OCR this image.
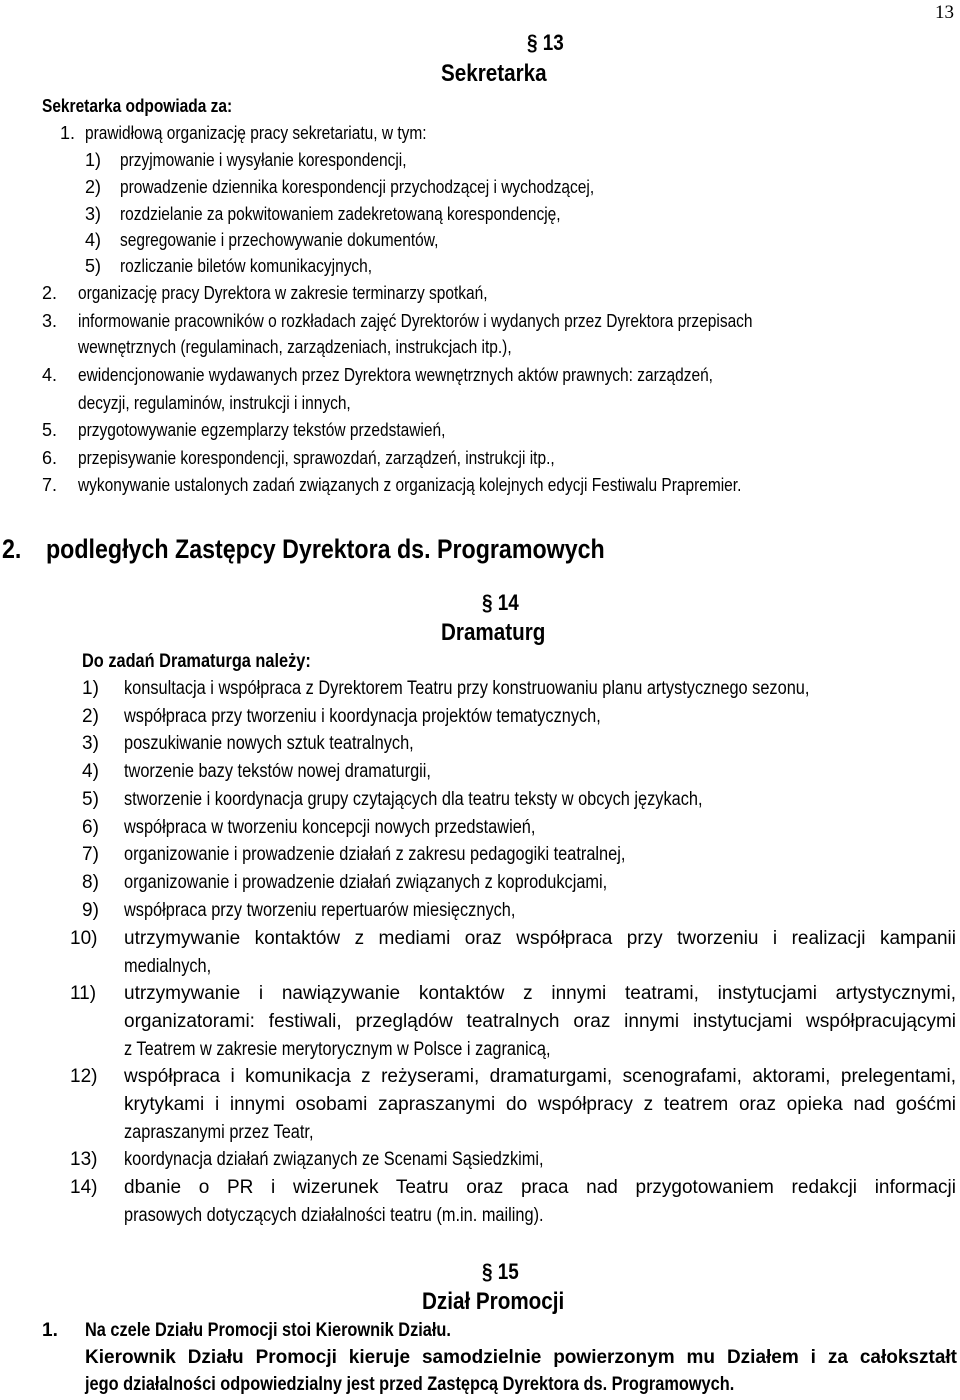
13
§ 13
Sekretarka
Sekretarka odpowiada za:
1. prawidłową organizację pracy sekretariatu, w tym:
1) przyjmowanie i wysyłanie korespondencji,
2) prowadzenie dziennika korespondencji przychodzącej i wychodzącej,
3) rozdzielanie za pokwitowaniem zadekretowaną korespondencję,
4) segregowanie i przechowywanie dokumentów,
5) rozliczanie biletów komunikacyjnych,
2. organizację pracy Dyrektora w zakresie terminarzy spotkań,
3. informowanie pracowników o rozkładach zajęć Dyrektorów i wydanych przez Dyrektora przepisach
wewnętrznych (regulaminach, zarządzeniach, instrukcjach itp.),
4. ewidencjonowanie wydawanych przez Dyrektora wewnętrznych aktów prawnych: zarządzeń,
decyzji, regulaminów, instrukcji i innych,
5. przygotowywanie egzemplarzy tekstów przedstawień,
6. przepisywanie korespondencji, sprawozdań, zarządzeń, instrukcji itp.,
7. wykonywanie ustalonych zadań związanych z organizacją kolejnych edycji Festiwalu Prapremier.
2. podległych Zastępcy Dyrektora ds. Programowych
§ 14
Dramaturg
Do zadań Dramaturga należy:
1) konsultacja i współpraca z Dyrektorem Teatru przy konstruowaniu planu artystycznego sezonu,
2) współpraca przy tworzeniu i koordynacja projektów tematycznych,
3) poszukiwanie nowych sztuk teatralnych,
4) tworzenie bazy tekstów nowej dramaturgii,
5) stworzenie i koordynacja grupy czytających dla teatru teksty w obcych językach,
6) współpraca w tworzeniu koncepcji nowych przedstawień,
7) organizowanie i prowadzenie działań z zakresu pedagogiki teatralnej,
8) organizowanie i prowadzenie działań związanych z koprodukcjami,
9) współpraca przy tworzeniu repertuarów miesięcznych,
10) utrzymywanie kontaktów z mediami oraz współpraca przy tworzeniu i realizacji kampanii
medialnych,
11) utrzymywanie i nawiązywanie kontaktów z innymi teatrami, instytucjami artystycznymi,
organizatorami: festiwali, przeglądów teatralnych oraz innymi instytucjami współpracującymi
z Teatrem w zakresie merytorycznym w Polsce i zagranicą,
12) współpraca i komunikacja z reżyserami, dramaturgami, scenografami, aktorami, prelegentami,
krytykami i innymi osobami zapraszanymi do współpracy z teatrem oraz opieka nad gośćmi
zapraszanymi przez Teatr,
13) koordynacja działań związanych ze Scenami Sąsiedzkimi,
14) dbanie o PR i wizerunek Teatru oraz praca nad przygotowaniem redakcji informacji
prasowych dotyczących działalności teatru (m.in. mailing).
§ 15
Dział Promocji
1. Na czele Działu Promocji stoi Kierownik Działu.
Kierownik Działu Promocji kieruje samodzielnie powierzonym mu Działem i za całokształt
jego działalności odpowiedzialny jest przed Zastępcą Dyrektora ds. Programowych.
